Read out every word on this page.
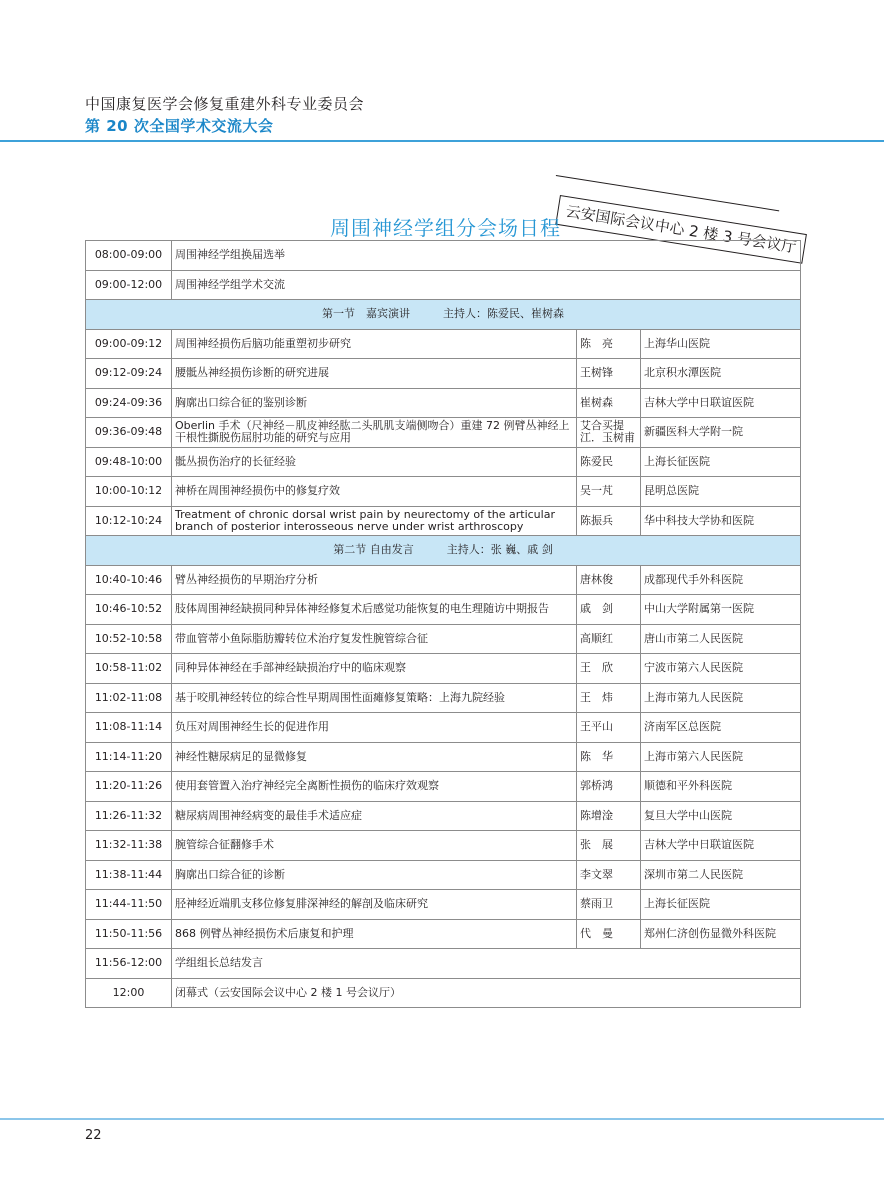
中国康复医学会修复重建外科专业委员会
第 20 次全国学术交流大会
云安国际会议中心 2 楼 3 号会议厅
周围神经学组分会场日程
08:00-09:00	周围神经学组换届选举		
09:00-12:00	周围神经学组学术交流		
第一节　嘉宾演讲　　　主持人：陈爱民、崔树森			
09:00-09:12	周围神经损伤后脑功能重塑初步研究	陈　亮	上海华山医院
09:12-09:24	腰骶丛神经损伤诊断的研究进展	王树锋	北京积水潭医院
09:24-09:36	胸廓出口综合征的鉴别诊断	崔树森	吉林大学中日联谊医院
09:36-09:48	Oberlin 手术（尺神经－肌皮神经肱二头肌肌支端侧吻合）重建 72 例臂丛神经上干根性撕脱伤屈肘功能的研究与应用	艾合买提江．玉树甫	新疆医科大学附一院
09:48-10:00	骶丛损伤治疗的长征经验	陈爱民	上海长征医院
10:00-10:12	神桥在周围神经损伤中的修复疗效	吴一芃	昆明总医院
10:12-10:24	Treatment of chronic dorsal wrist pain by neurectomy of the articular branch of posterior interosseous nerve under wrist arthroscopy	陈振兵	华中科技大学协和医院
第二节 自由发言　　　主持人：张 巍、戚 剑			
10:40-10:46	臂丛神经损伤的早期治疗分析	唐林俊	成都现代手外科医院
10:46-10:52	肢体周围神经缺损同种异体神经修复术后感觉功能恢复的电生理随访中期报告	戚　剑	中山大学附属第一医院
10:52-10:58	带血管蒂小鱼际脂肪瓣转位术治疗复发性腕管综合征	高顺红	唐山市第二人民医院
10:58-11:02	同种异体神经在手部神经缺损治疗中的临床观察	王　欣	宁波市第六人民医院
11:02-11:08	基于咬肌神经转位的综合性早期周围性面瘫修复策略：上海九院经验	王　炜	上海市第九人民医院
11:08-11:14	负压对周围神经生长的促进作用	王平山	济南军区总医院
11:14-11:20	神经性糖尿病足的显微修复	陈　华	上海市第六人民医院
11:20-11:26	使用套管置入治疗神经完全离断性损伤的临床疗效观察	郭桥鸿	顺德和平外科医院
11:26-11:32	糖尿病周围神经病变的最佳手术适应症	陈增淦	复旦大学中山医院
11:32-11:38	腕管综合征翻修手术	张　展	吉林大学中日联谊医院
11:38-11:44	胸廓出口综合征的诊断	李文翠	深圳市第二人民医院
11:44-11:50	胫神经近端肌支移位修复腓深神经的解剖及临床研究	蔡雨卫	上海长征医院
11:50-11:56	868 例臂丛神经损伤术后康复和护理	代　曼	郑州仁济创伤显微外科医院
11:56-12:00	学组组长总结发言		
12:00	闭幕式（云安国际会议中心 2 楼 1 号会议厅）		
22
